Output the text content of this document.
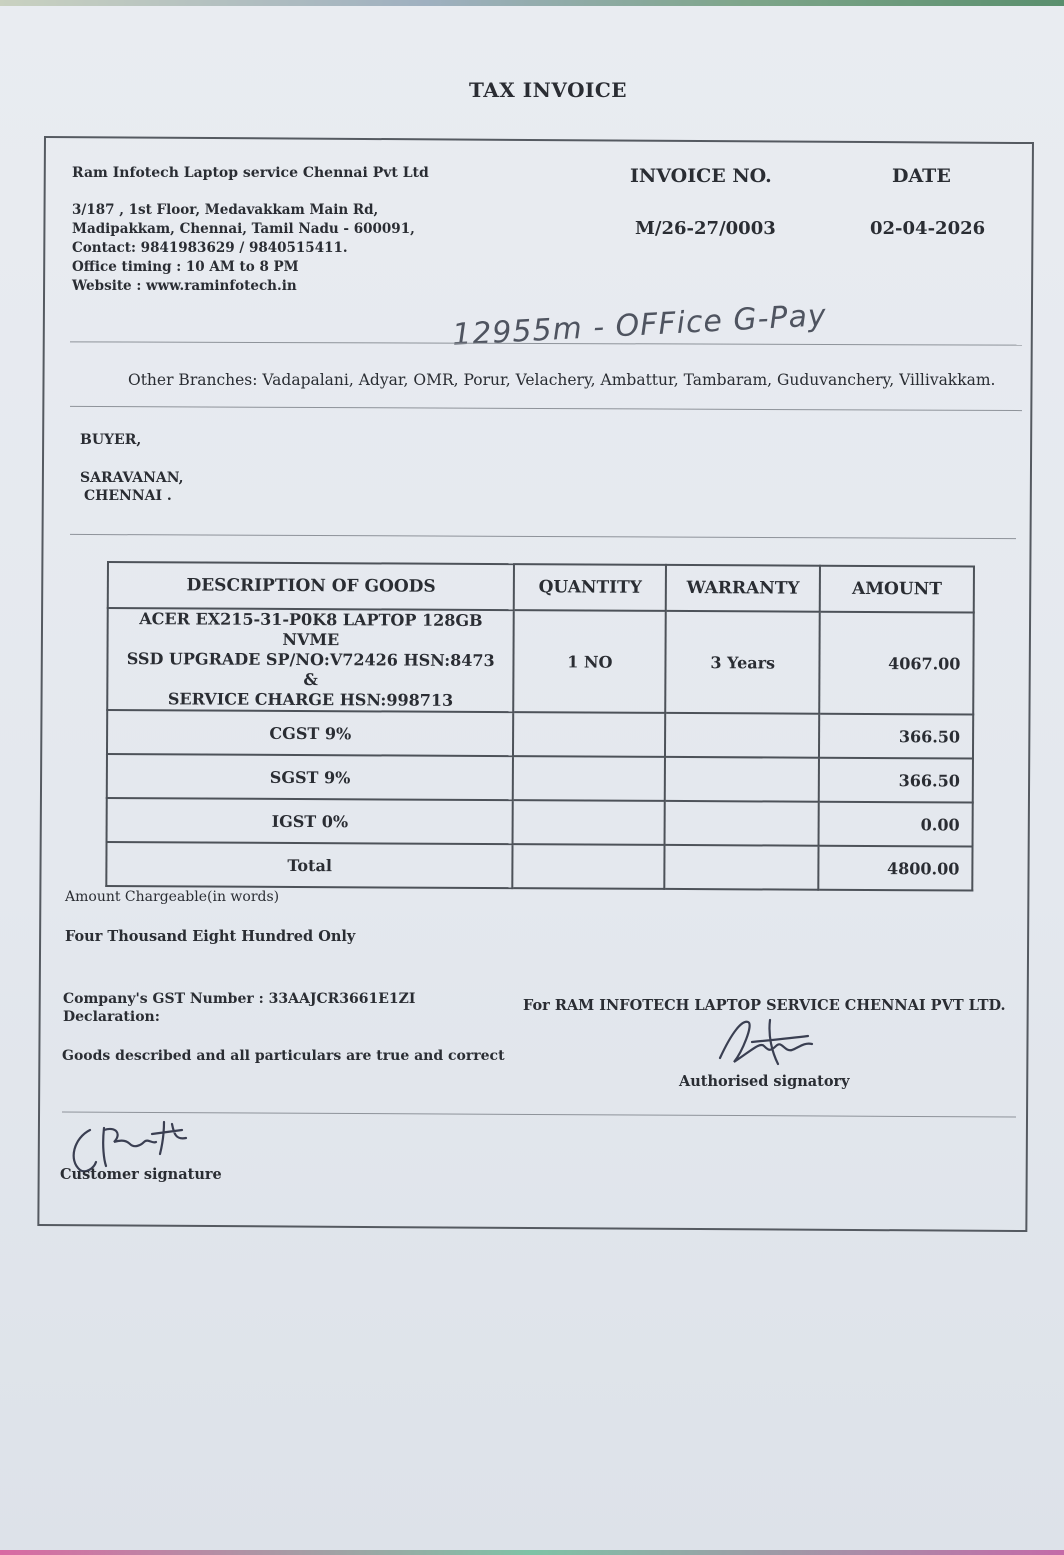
TAX INVOICE
Ram Infotech Laptop service Chennai Pvt Ltd
3/187 , 1st Floor, Medavakkam Main Rd,
Madipakkam, Chennai, Tamil Nadu - 600091,
Contact: 9841983629 / 9840515411.
Office timing : 10 AM to 8 PM
Website : www.raminfotech.in
INVOICE NO.	DATE
M/26-27/0003	02-04-2026
12955m - OFFice G-Pay
Other Branches: Vadapalani, Adyar, OMR, Porur, Velachery, Ambattur, Tambaram, Guduvanchery, Villivakkam.
BUYER,
SARAVANAN,
CHENNAI .
DESCRIPTION OF GOODS	QUANTITY	WARRANTY	AMOUNT

ACER EX215-31-P0K8 LAPTOP 128GB NVME
SSD UPGRADE SP/NO:V72426 HSN:8473 &
SERVICE CHARGE HSN:998713	1 NO	3 Years	4067.00
CGST 9%			366.50
SGST 9%			366.50
IGST 0%			0.00
Total			4800.00
Amount Chargeable(in words)
Four Thousand Eight Hundred Only
Company's GST Number : 33AAJCR3661E1ZI
Declaration:
Goods described and all particulars are true and correct
For RAM INFOTECH LAPTOP SERVICE CHENNAI PVT LTD.
Authorised signatory
Customer signature
